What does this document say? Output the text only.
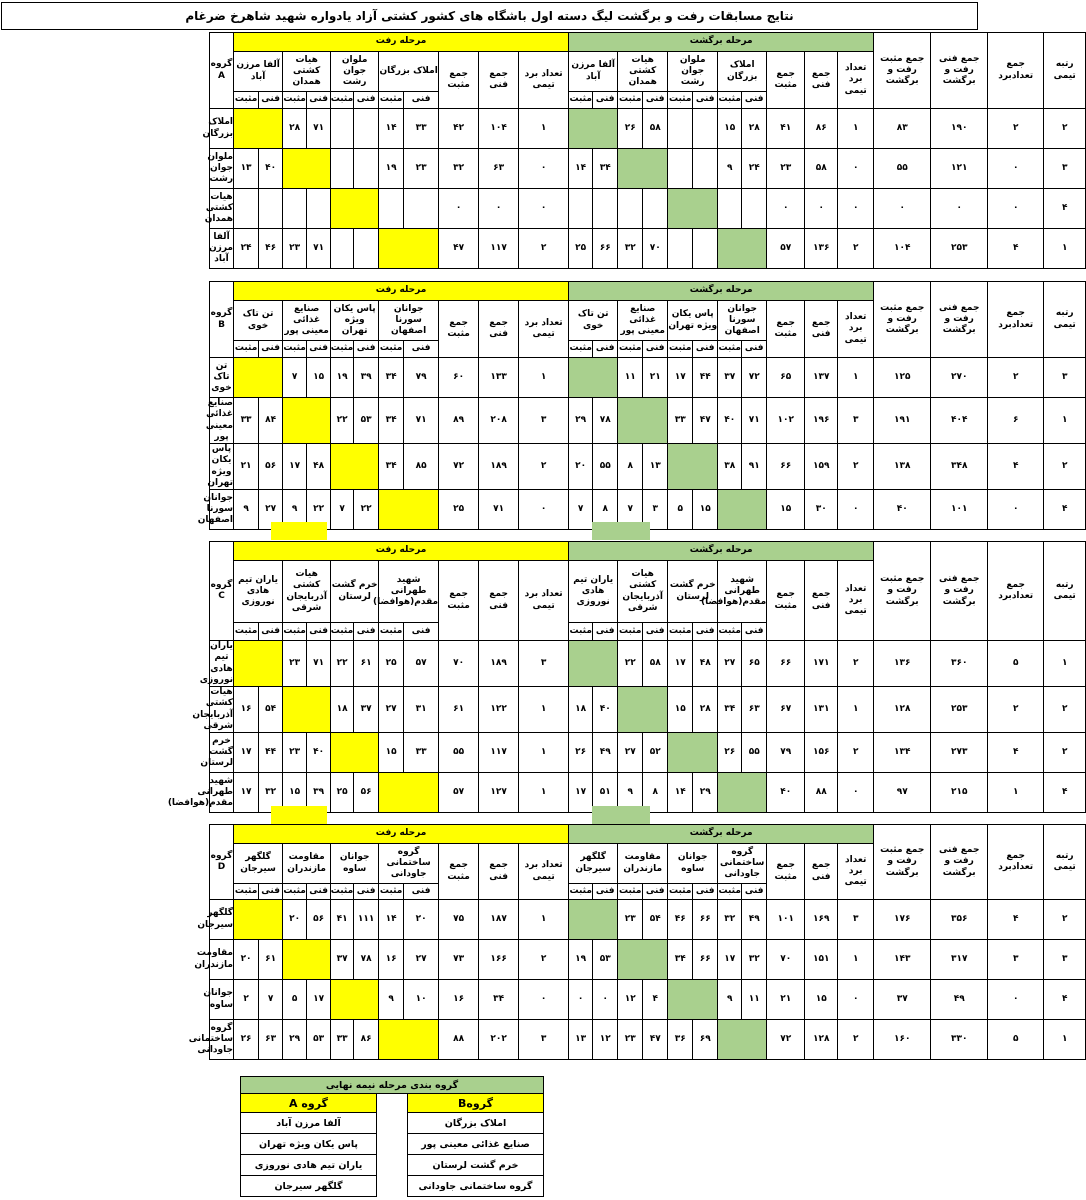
نتایج مسابقات رفت و برگشت لیگ دسته اول باشگاه های کشور کشتی آزاد یادواره شهید شاهرخ ضرغام
رتبه تیمی	جمع تعدادبرد	جمع فنی رفت و برگشت	جمع مثبت رفت و برگشت	مرحله برگشت											مرحله رفت											گروه A
				تعداد برد تیمی	جمع فنی	جمع مثبت	املاک بزرگان		ملوان جوان رشت		هیات کشتی همدان		آلفا مرزن آباد		تعداد برد تیمی	جمع فنی	جمع مثبت	املاک بزرگان		ملوان جوان رشت		هیات کشتی همدان		آلفا مرزن آباد		
							فنی	مثبت	فنی	مثبت	فنی	مثبت	فنی	مثبت				فنی	مثبت	فنی	مثبت	فنی	مثبت	فنی	مثبت	
۲	۲	۱۹۰	۸۳	۱	۸۶	۴۱	۲۸	۱۵			۵۸	۲۶			۱	۱۰۴	۴۲	۳۳	۱۴			۷۱	۲۸			املاک بزرگان
۳	۰	۱۲۱	۵۵	۰	۵۸	۲۳	۲۴	۹					۳۴	۱۴	۰	۶۳	۳۲	۲۳	۱۹					۴۰	۱۳	ملوان جوان رشت
۴	۰	۰	۰	۰	۰	۰									۰	۰	۰									هیات کشتی همدان
۱	۴	۲۵۳	۱۰۴	۲	۱۳۶	۵۷					۷۰	۳۲	۶۶	۲۵	۲	۱۱۷	۴۷					۷۱	۲۳	۴۶	۲۴	آلفا مرزن آباد
رتبه تیمی	جمع تعدادبرد	جمع فنی رفت و برگشت	جمع مثبت رفت و برگشت	مرحله برگشت											مرحله رفت											گروه B
				تعداد برد تیمی	جمع فنی	جمع مثبت	جوانان سورنا اصفهان		پاس یکان ویژه تهران		صنایع غذائی معینی پور		تن تاک خوی		تعداد برد تیمی	جمع فنی	جمع مثبت	جوانان سورنا اصفهان		پاس یکان ویژه تهران		صنایع غذائی معینی پور		تن تاک خوی		
							فنی	مثبت	فنی	مثبت	فنی	مثبت	فنی	مثبت				فنی	مثبت	فنی	مثبت	فنی	مثبت	فنی	مثبت	
۳	۲	۲۷۰	۱۲۵	۱	۱۳۷	۶۵	۷۲	۳۷	۴۴	۱۷	۲۱	۱۱			۱	۱۳۳	۶۰	۷۹	۳۴	۳۹	۱۹	۱۵	۷			تن تاک خوی
۱	۶	۴۰۴	۱۹۱	۳	۱۹۶	۱۰۲	۷۱	۴۰	۴۷	۳۳			۷۸	۲۹	۳	۲۰۸	۸۹	۷۱	۳۴	۵۳	۲۲			۸۴	۳۳	صنایع غذائی معینی پور
۲	۴	۳۴۸	۱۳۸	۲	۱۵۹	۶۶	۹۱	۳۸			۱۳	۸	۵۵	۲۰	۲	۱۸۹	۷۲	۸۵	۳۴			۴۸	۱۷	۵۶	۲۱	پاس یکان ویژه تهران
۴	۰	۱۰۱	۴۰	۰	۳۰	۱۵			۱۵	۵	۳	۷	۸	۷	۰	۷۱	۲۵			۲۲	۷	۲۲	۹	۲۷	۹	جوانان سورنا اصفهان
رتبه تیمی	جمع تعدادبرد	جمع فنی رفت و برگشت	جمع مثبت رفت و برگشت	مرحله برگشت											مرحله رفت											گروه C
				تعداد برد تیمی	جمع فنی	جمع مثبت	شهید طهرانی مقدم(هوافضا)		خرم گشت لرستان		هیات کشتی آذربایجان شرقی		یاران تیم هادی نوروزی		تعداد برد تیمی	جمع فنی	جمع مثبت	شهید طهرانی مقدم(هوافضا)		خرم گشت لرستان		هیات کشتی آذربایجان شرقی		یاران تیم هادی نوروزی		
							فنی	مثبت	فنی	مثبت	فنی	مثبت	فنی	مثبت				فنی	مثبت	فنی	مثبت	فنی	مثبت	فنی	مثبت	
۱	۵	۳۶۰	۱۳۶	۲	۱۷۱	۶۶	۶۵	۲۷	۴۸	۱۷	۵۸	۲۲			۳	۱۸۹	۷۰	۵۷	۲۵	۶۱	۲۲	۷۱	۲۳			یاران تیم هادی نوروزی
۲	۲	۲۵۳	۱۲۸	۱	۱۳۱	۶۷	۶۳	۳۴	۲۸	۱۵			۴۰	۱۸	۱	۱۲۲	۶۱	۳۱	۲۷	۳۷	۱۸			۵۴	۱۶	هیات کشتی آذربایجان شرقی
۲	۴	۲۷۳	۱۳۴	۲	۱۵۶	۷۹	۵۵	۲۶			۵۲	۲۷	۴۹	۲۶	۱	۱۱۷	۵۵	۳۳	۱۵			۴۰	۲۳	۴۴	۱۷	خرم گشت لرستان
۴	۱	۲۱۵	۹۷	۰	۸۸	۴۰			۲۹	۱۴	۸	۹	۵۱	۱۷	۱	۱۲۷	۵۷			۵۶	۲۵	۳۹	۱۵	۳۲	۱۷	شهید طهرانی مقدم(هوافضا)
رتبه تیمی	جمع تعدادبرد	جمع فنی رفت و برگشت	جمع مثبت رفت و برگشت	مرحله برگشت											مرحله رفت											گروه D
				تعداد برد تیمی	جمع فنی	جمع مثبت	گروه ساختمانی جاودانی		جوانان ساوه		مقاومت مازندران		گلگهر سیرجان		تعداد برد تیمی	جمع فنی	جمع مثبت	گروه ساختمانی جاودانی		جوانان ساوه		مقاومت مازندران		گلگهر سیرجان		
							فنی	مثبت	فنی	مثبت	فنی	مثبت	فنی	مثبت				فنی	مثبت	فنی	مثبت	فنی	مثبت	فنی	مثبت	
۲	۴	۳۵۶	۱۷۶	۳	۱۶۹	۱۰۱	۴۹	۳۲	۶۶	۴۶	۵۴	۲۳			۱	۱۸۷	۷۵	۲۰	۱۴	۱۱۱	۴۱	۵۶	۲۰			گلگهر سیرجان
۳	۳	۳۱۷	۱۴۳	۱	۱۵۱	۷۰	۳۲	۱۷	۶۶	۳۴			۵۳	۱۹	۲	۱۶۶	۷۳	۲۷	۱۶	۷۸	۳۷			۶۱	۲۰	مقاومت مازندران
۴	۰	۴۹	۳۷	۰	۱۵	۲۱	۱۱	۹			۴	۱۲	۰	۰	۰	۳۴	۱۶	۱۰	۹			۱۷	۵	۷	۲	جوانان ساوه
۱	۵	۳۳۰	۱۶۰	۲	۱۲۸	۷۲			۶۹	۳۶	۴۷	۲۳	۱۲	۱۳	۳	۲۰۲	۸۸			۸۶	۳۳	۵۳	۲۹	۶۳	۲۶	گروه ساختمانی جاودانی
گروه بندی مرحله نیمه نهایی		
گروهB		گروه A
املاک بزرگان		آلفا مرزن آباد
صنایع غذائی معینی پور		پاس یکان ویژه تهران
خرم گشت لرستان		یاران تیم هادی نوروزی
گروه ساختمانی جاودانی		گلگهر سیرجان
